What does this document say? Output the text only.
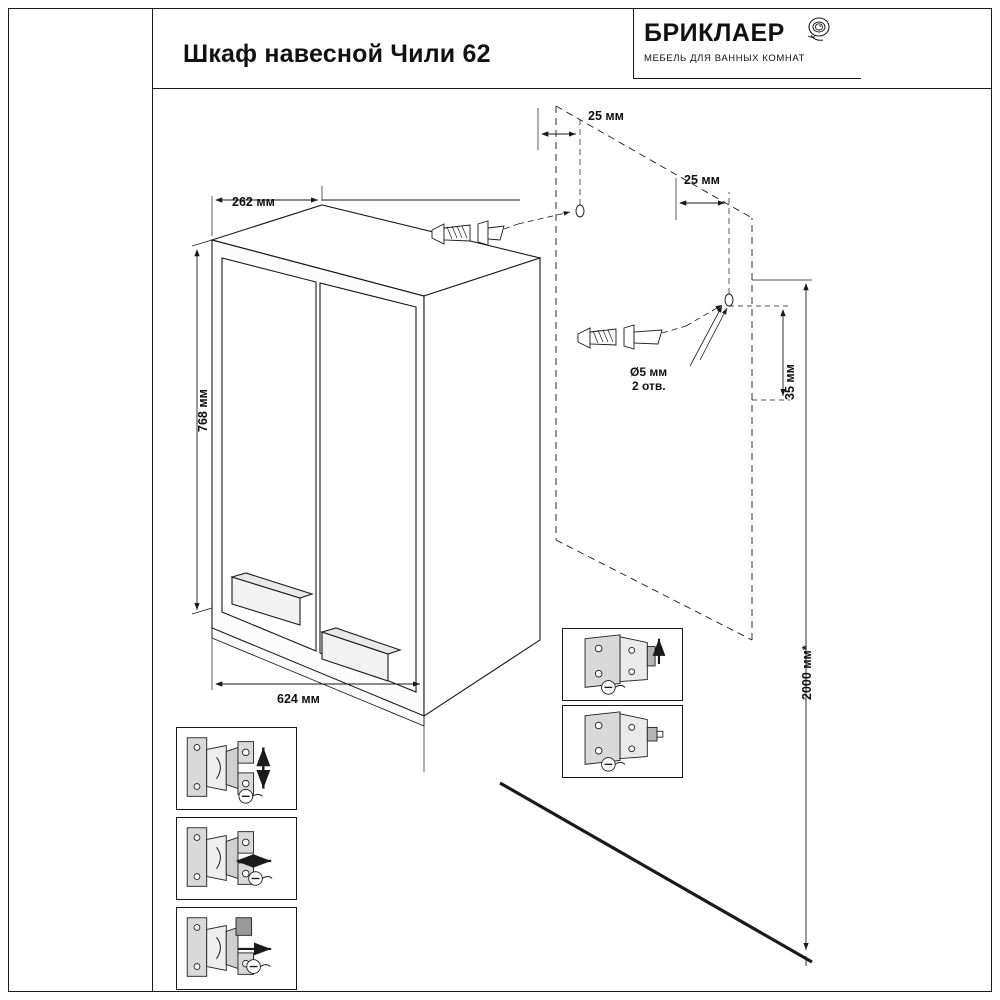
Шкаф навесной Чили 62
БРИКЛАЕР
МЕБЕЛЬ ДЛЯ ВАННЫХ КОМНАТ
262 мм
768 мм
624 мм
25 мм
25 мм
35 мм
2000 мм*
Ø5 мм
2 отв.
